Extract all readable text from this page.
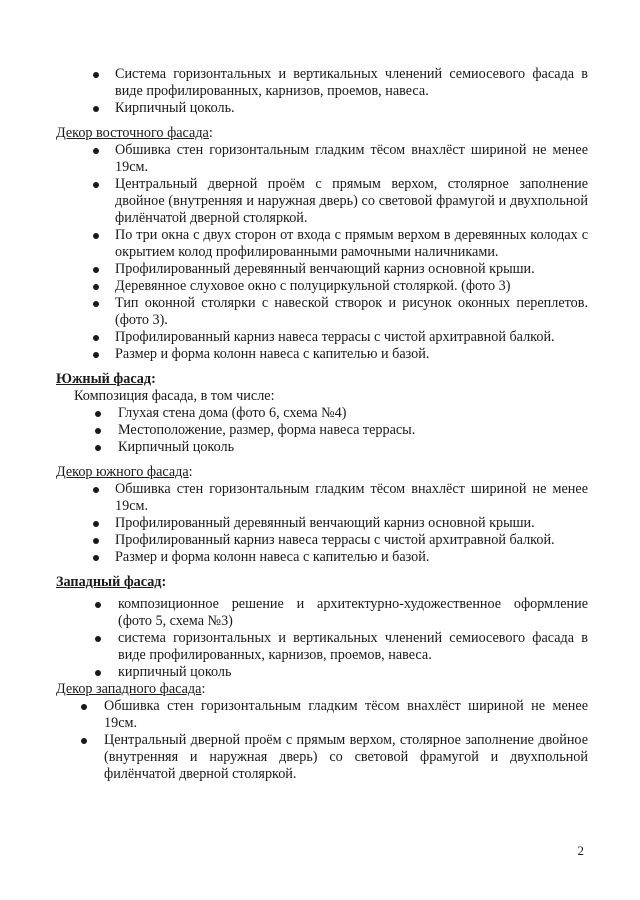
Система горизонтальных и вертикальных членений семиосевого фасада в виде профилированных, карнизов, проемов, навеса.
Кирпичный цоколь.

Декор восточного фасада:

Обшивка стен горизонтальным гладким тёсом внахлёст шириной не менее 19см.
Центральный дверной проём с прямым верхом, столярное заполнение двойное (внутренняя и наружная дверь) со световой фрамугой и двухпольной филёнчатой дверной столяркой.
По три окна с двух сторон от входа с прямым верхом в деревянных колодах с окрытием колод профилированными рамочными наличниками.
Профилированный деревянный венчающий карниз основной крыши.
Деревянное слуховое окно с полуциркульной столяркой. (фото 3)
Тип оконной столярки с навеской створок и рисунок оконных переплетов. (фото 3).
Профилированный карниз навеса террасы с чистой архитравной балкой.
Размер и форма колонн навеса с капителью и базой.

Южный фасад:

Композиция фасада, в том числе:

Глухая стена дома (фото 6, схема №4)
Местоположение, размер, форма навеса террасы.
Кирпичный цоколь

Декор южного фасада:

Обшивка стен горизонтальным гладким тёсом внахлёст шириной не менее 19см.
Профилированный деревянный венчающий карниз основной крыши.
Профилированный карниз навеса террасы с чистой архитравной балкой.
Размер и форма колонн навеса с капителью и базой.

Западный фасад:

композиционное решение и архитектурно-художественное оформление (фото 5, схема №3)
система горизонтальных и вертикальных членений семиосевого фасада в виде профилированных, карнизов, проемов, навеса.
кирпичный цоколь

Декор западного фасада:

Обшивка стен горизонтальным гладким тёсом внахлёст шириной не менее 19см.
Центральный дверной проём с прямым верхом, столярное заполнение двойное (внутренняя и наружная дверь) со световой фрамугой и двухпольной филёнчатой дверной столяркой.
2
